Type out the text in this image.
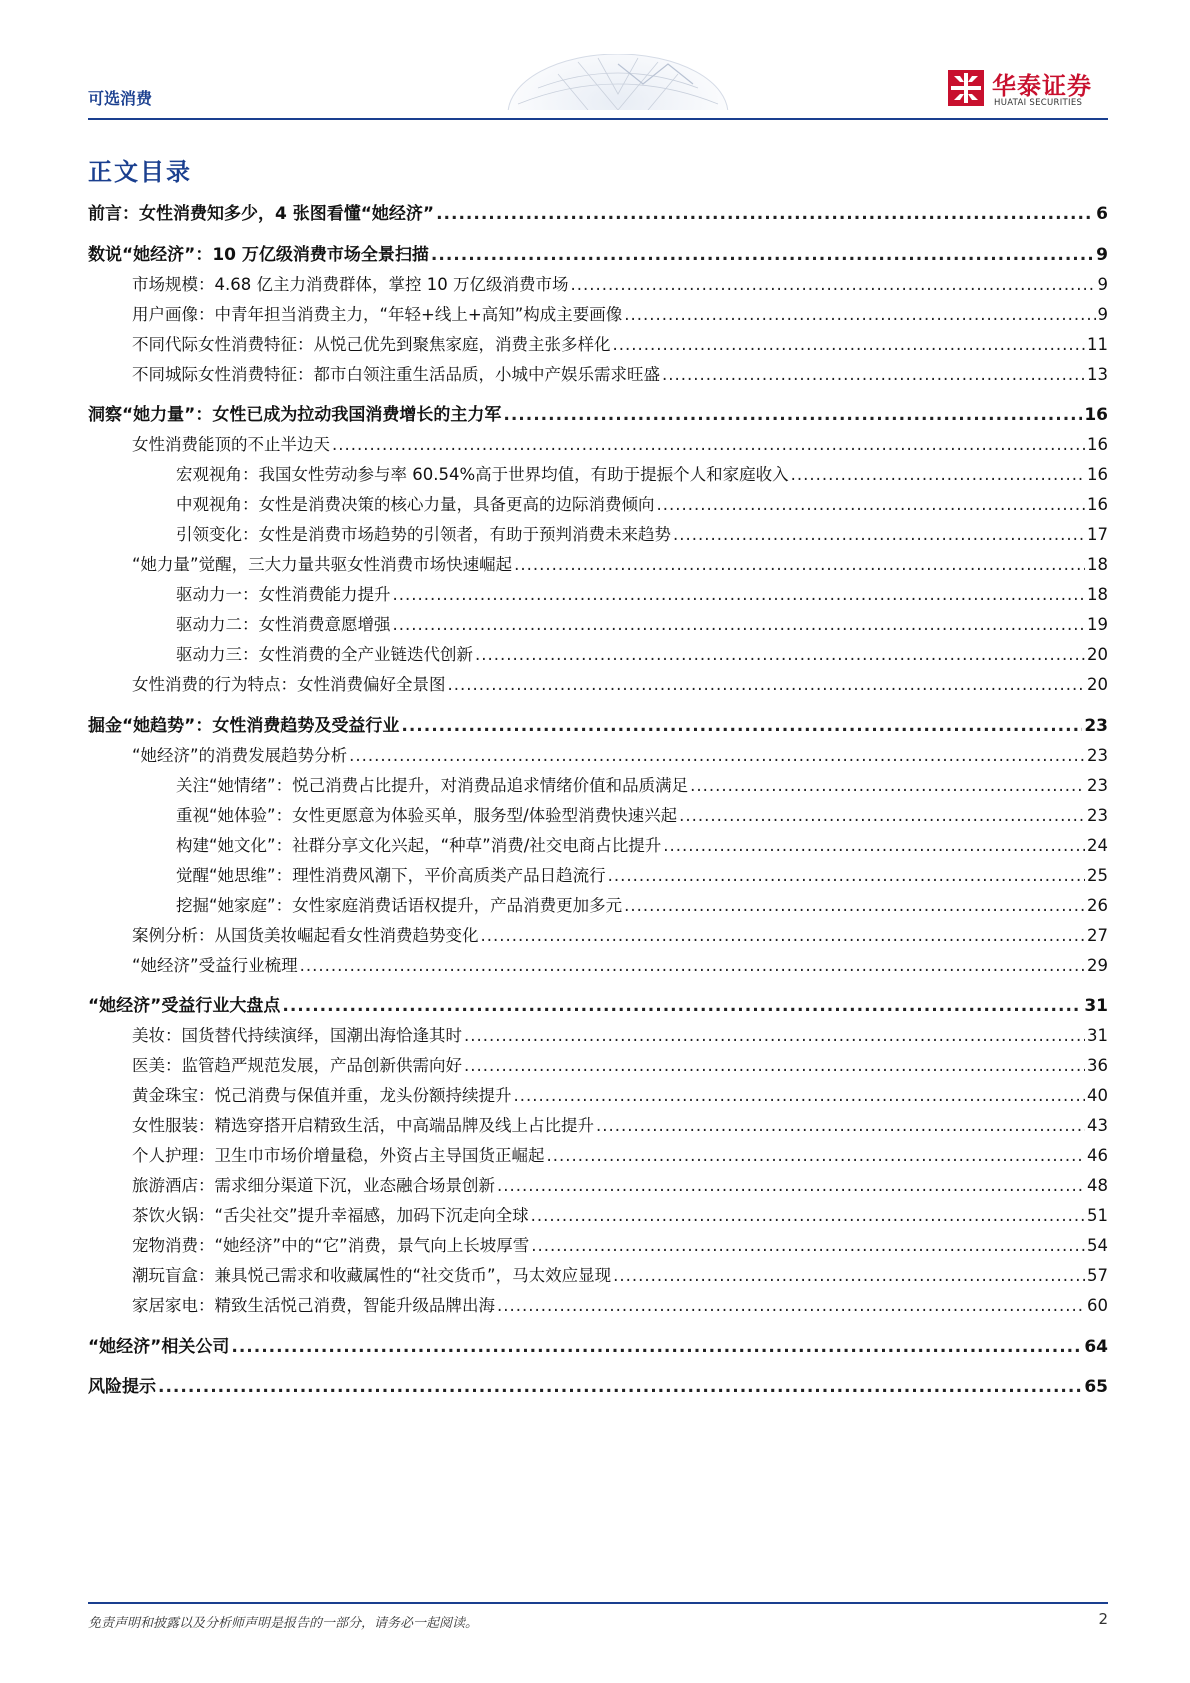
可选消费	华泰证券
HUATAI SECURITIES
正文目录
前言：女性消费知多少，4 张图看懂“她经济” .....	6
数说“她经济”：10 万亿级消费市场全景扫描 .....	9
市场规模：4.68 亿主力消费群体，掌控 10 万亿级消费市场 .....	9
用户画像：中青年担当消费主力，“年轻+线上+高知”构成主要画像 .....	9
不同代际女性消费特征：从悦己优先到聚焦家庭，消费主张多样化 .....	11
不同城际女性消费特征：都市白领注重生活品质，小城中产娱乐需求旺盛 .....	13
洞察“她力量”：女性已成为拉动我国消费增长的主力军 .....	16
女性消费能顶的不止半边天 .....	16
宏观视角：我国女性劳动参与率 60.54%高于世界均值，有助于提振个人和家庭收入 .....	16
中观视角：女性是消费决策的核心力量，具备更高的边际消费倾向 .....	16
引领变化：女性是消费市场趋势的引领者，有助于预判消费未来趋势 .....	17
“她力量”觉醒，三大力量共驱女性消费市场快速崛起 .....	18
驱动力一：女性消费能力提升 .....	18
驱动力二：女性消费意愿增强 .....	19
驱动力三：女性消费的全产业链迭代创新 .....	20
女性消费的行为特点：女性消费偏好全景图 .....	20
掘金“她趋势”：女性消费趋势及受益行业 .....	23
“她经济”的消费发展趋势分析 .....	23
关注“她情绪”：悦己消费占比提升，对消费品追求情绪价值和品质满足 .....	23
重视“她体验”：女性更愿意为体验买单，服务型/体验型消费快速兴起 .....	23
构建“她文化”：社群分享文化兴起，“种草”消费/社交电商占比提升 .....	24
觉醒“她思维”：理性消费风潮下，平价高质类产品日趋流行 .....	25
挖掘“她家庭”：女性家庭消费话语权提升，产品消费更加多元 .....	26
案例分析：从国货美妆崛起看女性消费趋势变化 .....	27
“她经济”受益行业梳理 .....	29
“她经济”受益行业大盘点 .....	31
美妆：国货替代持续演绎，国潮出海恰逢其时 .....	31
医美：监管趋严规范发展，产品创新供需向好 .....	36
黄金珠宝：悦己消费与保值并重，龙头份额持续提升 .....	40
女性服装：精选穿搭开启精致生活，中高端品牌及线上占比提升 .....	43
个人护理：卫生巾市场价增量稳，外资占主导国货正崛起 .....	46
旅游酒店：需求细分渠道下沉，业态融合场景创新 .....	48
茶饮火锅：“舌尖社交”提升幸福感，加码下沉走向全球 .....	51
宠物消费：“她经济”中的“它”消费，景气向上长坡厚雪 .....	54
潮玩盲盒：兼具悦己需求和收藏属性的“社交货币”，马太效应显现 .....	57
家居家电：精致生活悦己消费，智能升级品牌出海 .....	60
“她经济”相关公司 .....	64
风险提示 .....	65
免责声明和披露以及分析师声明是报告的一部分，请务必一起阅读。	2
